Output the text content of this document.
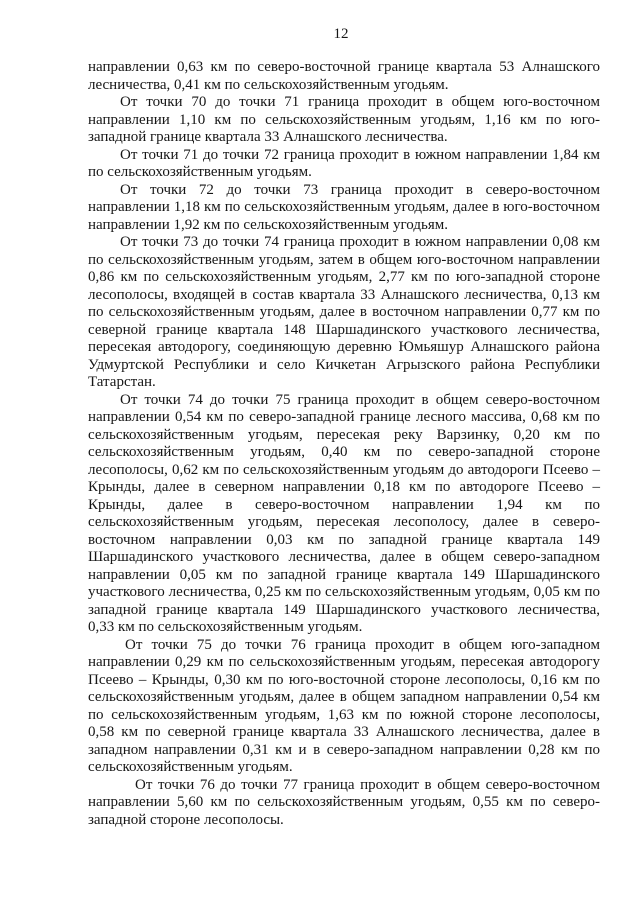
12
направлении 0,63 км по северо-восточной границе квартала 53 Алнашского
лесничества, 0,41 км по сельскохозяйственным угодьям.
От точки 70 до точки 71 граница проходит в общем юго-восточном
направлении 1,10 км по сельскохозяйственным угодьям, 1,16 км по юго-
западной границе квартала 33 Алнашского лесничества.
От точки 71 до точки 72 граница проходит в южном направлении 1,84 км
по сельскохозяйственным угодьям.
От точки 72 до точки 73 граница проходит в северо-восточном
направлении 1,18 км по сельскохозяйственным угодьям, далее в юго-восточном
направлении 1,92 км по сельскохозяйственным угодьям.
От точки 73 до точки 74 граница проходит в южном направлении 0,08 км
по сельскохозяйственным угодьям, затем в общем юго-восточном направлении
0,86 км по сельскохозяйственным угодьям, 2,77 км по юго-западной стороне
лесополосы, входящей в состав квартала 33 Алнашского лесничества, 0,13 км
по сельскохозяйственным угодьям, далее в восточном направлении 0,77 км по
северной границе квартала 148 Шаршадинского участкового лесничества,
пересекая автодорогу, соединяющую деревню Юмьяшур Алнашского района
Удмуртской Республики и село Кичкетан Агрызского района Республики
Татарстан.
От точки 74 до точки 75 граница проходит в общем северо-восточном
направлении 0,54 км по северо-западной границе лесного массива, 0,68 км по
сельскохозяйственным угодьям, пересекая реку Варзинку, 0,20 км по
сельскохозяйственным угодьям, 0,40 км по северо-западной стороне
лесополосы, 0,62 км по сельскохозяйственным угодьям до автодороги Псеево –
Крынды, далее в северном направлении 0,18 км по автодороге Псеево –
Крынды, далее в северо-восточном направлении 1,94 км по
сельскохозяйственным угодьям, пересекая лесополосу, далее в северо-
восточном направлении 0,03 км по западной границе квартала 149
Шаршадинского участкового лесничества, далее в общем северо-западном
направлении 0,05 км по западной границе квартала 149 Шаршадинского
участкового лесничества, 0,25 км по сельскохозяйственным угодьям, 0,05 км по
западной границе квартала 149 Шаршадинского участкового лесничества,
0,33 км по сельскохозяйственным угодьям.
От точки 75 до точки 76 граница проходит в общем юго-западном
направлении 0,29 км по сельскохозяйственным угодьям, пересекая автодорогу
Псеево – Крынды, 0,30 км по юго-восточной стороне лесополосы, 0,16 км по
сельскохозяйственным угодьям, далее в общем западном направлении 0,54 км
по сельскохозяйственным угодьям, 1,63 км по южной стороне лесополосы,
0,58 км по северной границе квартала 33 Алнашского лесничества, далее в
западном направлении 0,31 км и в северо-западном направлении 0,28 км по
сельскохозяйственным угодьям.
От точки 76 до точки 77 граница проходит в общем северо-восточном
направлении 5,60 км по сельскохозяйственным угодьям, 0,55 км по северо-
западной стороне лесополосы.
